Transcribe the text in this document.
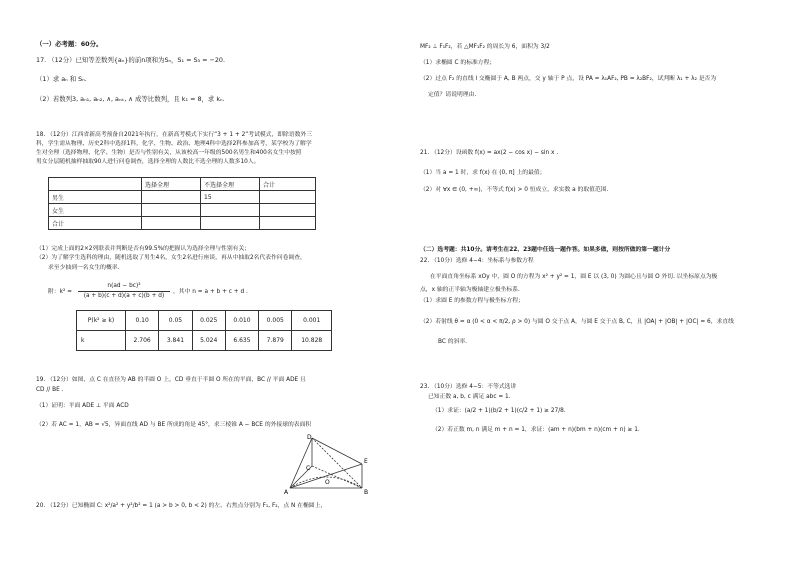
（一）必考题：60分。
17. （12分）已知等差数列{aₙ}的前n项和为Sₙ，S₁ = S₃ = −20.
（1）求 aₙ 和 Sₙ.
（2）若数列3, aₙ₁, aₙ₂, ∧, aₙₖ, ∧ 成等比数列，且 k₁ = 8，求 kₙ.
18. （12分）江西省新高考预备自2021年执行，在新高考模式下实行“3 + 1 + 2”考试模式，即除语数外三
科，学生需从物理、历史2科中选择1科，化学、生物、政治、地理4科中选择2科参加高考，某学校为了解学
生对全理（选择物理、化学、生物）是否与性别有关，从该校高一年级的500名男生和400名女生中按照
男女分层随机抽样抽取90人进行问卷调查，选择全理的人数比不选全理的人数多10人。
	选择全理	不选择全理	合计
男生		15	
女生			
合计			
（1）完成上面的2×2列联表并判断是否有99.5%的把握认为选择全理与性别有关；
（2）为了解学生选科的理由，随机选取了男生4名，女生2名进行座谈，再从中抽取2名代表作问卷调查，
求至少抽到一名女生的概率.
附：k² =
n(ad − bc)²
(a + b)(c + d)(a + c)(b + d)
，其中 n = a + b + c + d .
P(k² ≥ k)	0.10	0.05	0.025	0.010	0.005	0.001
k	2.706	3.841	5.024	6.635	7.879	10.828
19. （12分）如图，点 C 在直径为 AB 的半圆 O 上，CD 垂直于半圆 O 所在的平面，BC // 平面 ADE 且
CD // BE .
（1）证明：平面 ADE ⊥ 平面 ACD
（2）若 AC = 1，AB = √5，异面直线 AD 与 BE 所成的角是 45°，求三棱锥 A − BCE 的外接球的表面积
D
E
C
O
A	B
20. （12分）已知椭圆 C: x²/a² + y²/b² = 1 (a > b > 0, b < 2) 的左、右焦点分别为 F₁, F₂，点 N 在椭圆上，
MF₂ ⊥ F₁F₂，若 △MF₁F₂ 的周长为 6，面积为 3/2
（1）求椭圆 C 的标准方程；
（2）过点 F₂ 的直线 l 交椭圆于 A, B 两点，交 y 轴于 P 点，设 PA = λ₁AF₂, PB = λ₂BF₂，试判断 λ₁ + λ₂ 是否为
定值？请说明理由.
21. （12分）设函数 f(x) = ax(2 − cos x) − sin x .
（1）当 a = 1 时，求 f(x) 在 (0, π] 上的最值；
（2）对 ∀x ∈ (0, +∞)，不等式 f(x) > 0 恒成立，求实数 a 的取值范围.
（二）选考题：共10分。请考生在22、23题中任选一题作答。如果多做，则按所做的第一题计分
22. （10分）选修 4−4：坐标系与参数方程
在平面直角坐标系 xOy 中，圆 O 的方程为 x² + y² = 1，圆 E 以 (3, 0) 为圆心且与圆 O 外切. 以坐标原点为极
点，x 轴的正半轴为极轴建立极坐标系.
（1）求圆 E 的参数方程与极坐标方程；
（2）若射线 θ = α (0 < α < π/2, ρ > 0) 与圆 O 交于点 A，与圆 E 交于点 B, C，且 |OA| + |OB| + |OC| = 6，求直线
BC 的斜率.
23. （10分）选修 4−5：不等式选讲
已知正数 a, b, c 满足 abc = 1.
（1）求证：(a/2 + 1)(b/2 + 1)(c/2 + 1) ≥ 27/8.
（2）若正数 m, n 满足 m + n = 1，求证：(am + n)(bm + n)(cm + n) ≥ 1.
